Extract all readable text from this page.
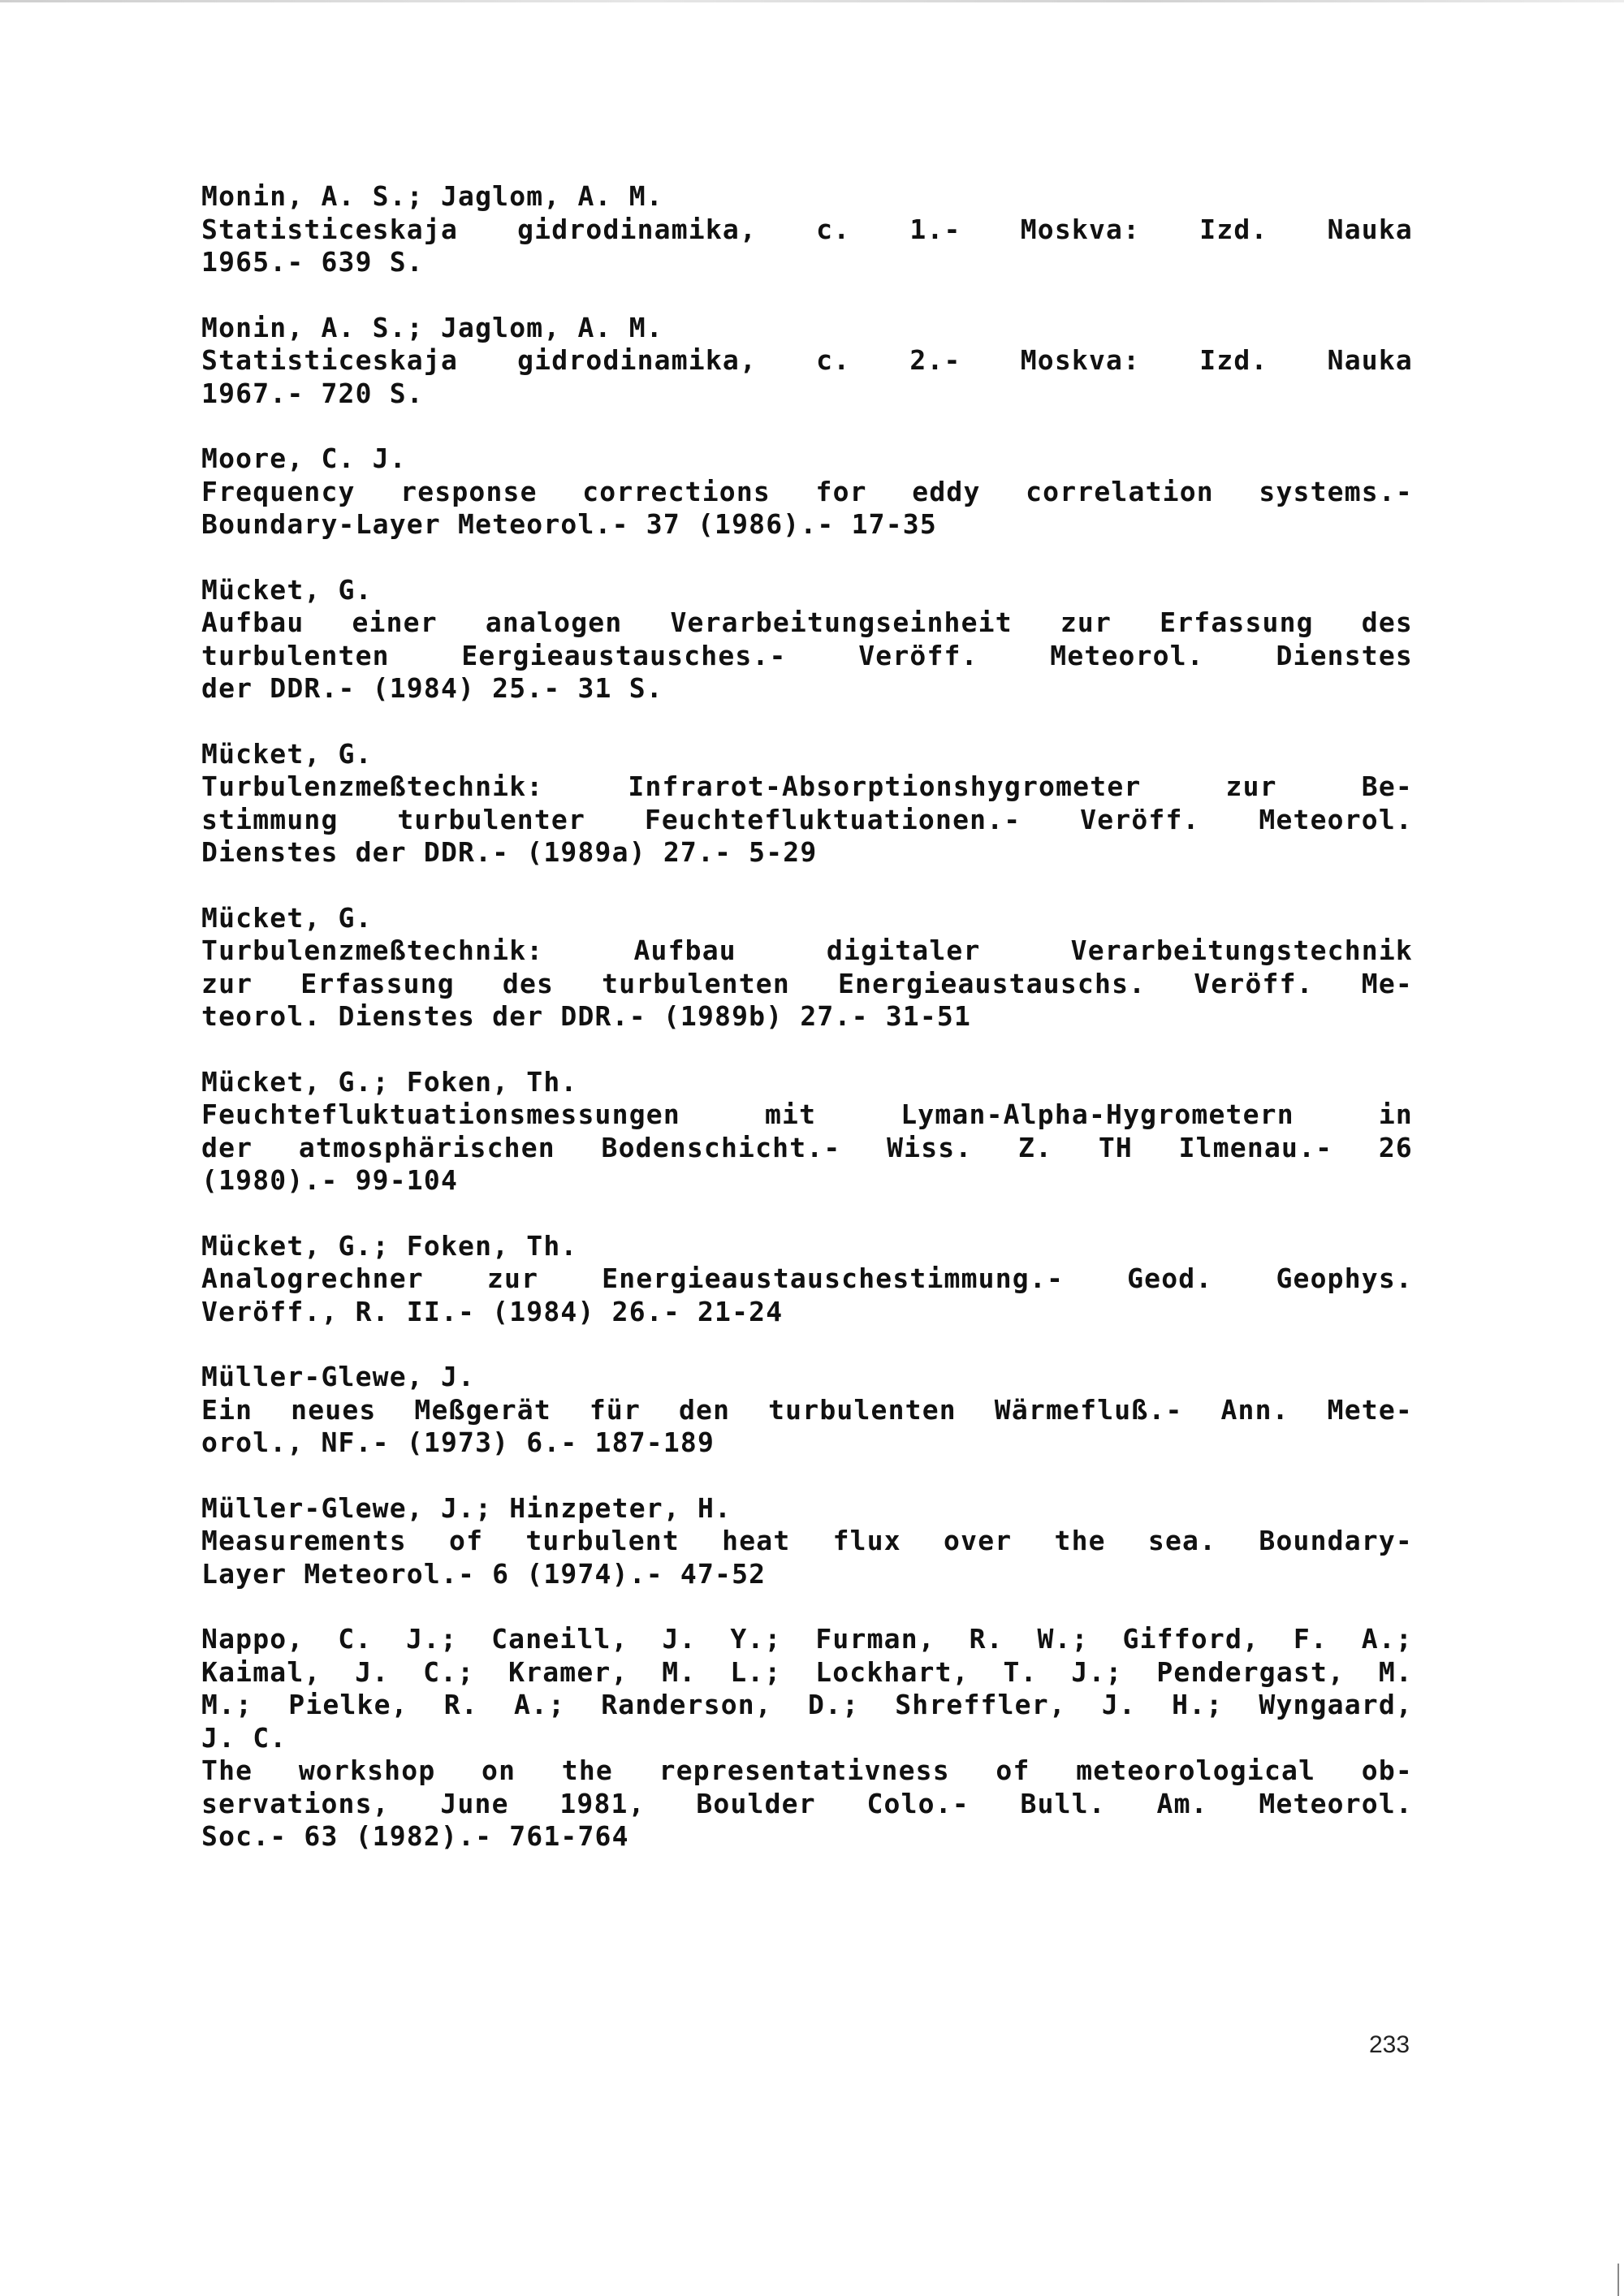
Monin, A. S.; Jaglom, A. M.
Statisticeskaja gidrodinamika, c. 1.- Moskva: Izd. Nauka
1965.- 639 S.
Monin, A. S.; Jaglom, A. M.
Statisticeskaja gidrodinamika, c. 2.- Moskva: Izd. Nauka
1967.- 720 S.
Moore, C. J.
Frequency response corrections for eddy correlation systems.-
Boundary-Layer Meteorol.- 37 (1986).- 17-35
Mücket, G.
Aufbau einer analogen Verarbeitungseinheit zur Erfassung des
turbulenten Eergieaustausches.- Veröff. Meteorol. Dienstes
der DDR.- (1984) 25.- 31 S.
Mücket, G.
Turbulenzmeßtechnik: Infrarot-Absorptionshygrometer zur Be-
stimmung turbulenter Feuchtefluktuationen.- Veröff. Meteorol.
Dienstes der DDR.- (1989a) 27.- 5-29
Mücket, G.
Turbulenzmeßtechnik: Aufbau digitaler Verarbeitungstechnik
zur Erfassung des turbulenten Energieaustauschs. Veröff. Me-
teorol. Dienstes der DDR.- (1989b) 27.- 31-51
Mücket, G.; Foken, Th.
Feuchtefluktuationsmessungen mit Lyman-Alpha-Hygrometern in
der atmosphärischen Bodenschicht.- Wiss. Z. TH Ilmenau.- 26
(1980).- 99-104
Mücket, G.; Foken, Th.
Analogrechner zur Energieaustauschestimmung.- Geod. Geophys.
Veröff., R. II.- (1984) 26.- 21-24
Müller-Glewe, J.
Ein neues Meßgerät für den turbulenten Wärmefluß.- Ann. Mete-
orol., NF.- (1973) 6.- 187-189
Müller-Glewe, J.; Hinzpeter, H.
Measurements of turbulent heat flux over the sea. Boundary-
Layer Meteorol.- 6 (1974).- 47-52
Nappo, C. J.; Caneill, J. Y.; Furman, R. W.; Gifford, F. A.;
Kaimal, J. C.; Kramer, M. L.; Lockhart, T. J.; Pendergast, M.
M.; Pielke, R. A.; Randerson, D.; Shreffler, J. H.; Wyngaard,
J. C.
The workshop on the representativness of meteorological ob-
servations, June 1981, Boulder Colo.- Bull. Am. Meteorol.
Soc.- 63 (1982).- 761-764
233
